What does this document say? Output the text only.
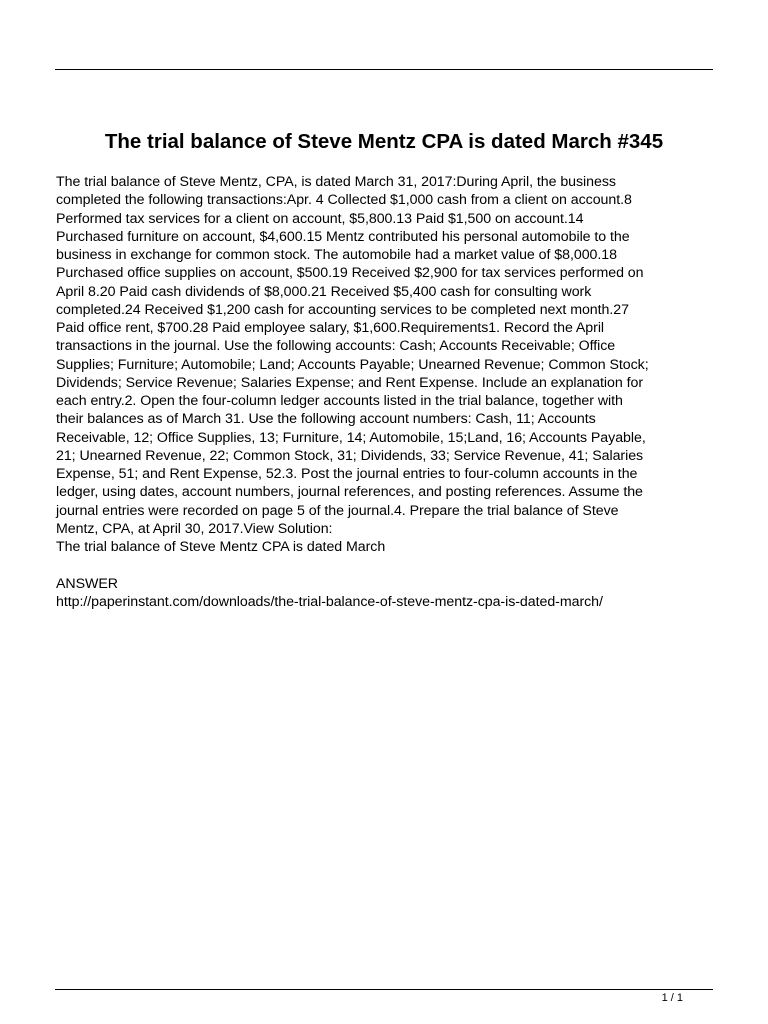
The trial balance of Steve Mentz CPA is dated March #345
The trial balance of Steve Mentz, CPA, is dated March 31, 2017:During April, the business
completed the following transactions:Apr. 4 Collected $1,000 cash from a client on account.8
Performed tax services for a client on account, $5,800.13 Paid $1,500 on account.14
Purchased furniture on account, $4,600.15 Mentz contributed his personal automobile to the
business in exchange for common stock. The automobile had a market value of $8,000.18
Purchased office supplies on account, $500.19 Received $2,900 for tax services performed on
April 8.20 Paid cash dividends of $8,000.21 Received $5,400 cash for consulting work
completed.24 Received $1,200 cash for accounting services to be completed next month.27
Paid office rent, $700.28 Paid employee salary, $1,600.Requirements1. Record the April
transactions in the journal. Use the following accounts: Cash; Accounts Receivable; Office
Supplies; Furniture; Automobile; Land; Accounts Payable; Unearned Revenue; Common Stock;
Dividends; Service Revenue; Salaries Expense; and Rent Expense. Include an explanation for
each entry.2. Open the four-column ledger accounts listed in the trial balance, together with
their balances as of March 31. Use the following account numbers: Cash, 11; Accounts
Receivable, 12; Office Supplies, 13; Furniture, 14; Automobile, 15;Land, 16; Accounts Payable,
21; Unearned Revenue, 22; Common Stock, 31; Dividends, 33; Service Revenue, 41; Salaries
Expense, 51; and Rent Expense, 52.3. Post the journal entries to four-column accounts in the
ledger, using dates, account numbers, journal references, and posting references. Assume the
journal entries were recorded on page 5 of the journal.4. Prepare the trial balance of Steve
Mentz, CPA, at April 30, 2017.View Solution:
The trial balance of Steve Mentz CPA is dated March
ANSWER
http://paperinstant.com/downloads/the-trial-balance-of-steve-mentz-cpa-is-dated-march/
1 / 1
